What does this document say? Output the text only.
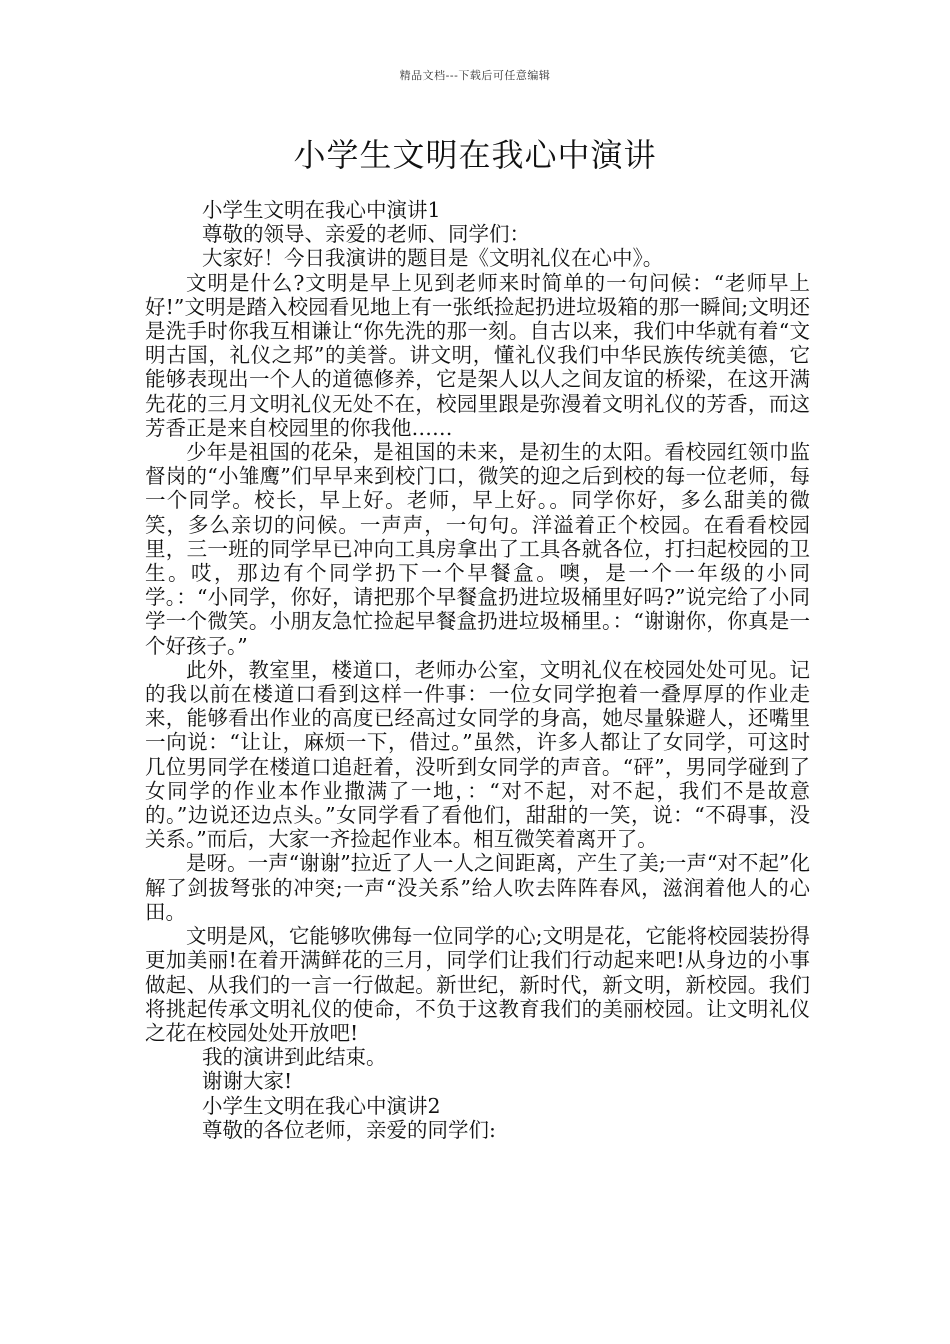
精品文档---下载后可任意编辑
小学生文明在我心中演讲

小学生文明在我心中演讲1

尊敬的领导、亲爱的老师、同学们：

大家好！今日我演讲的题目是《文明礼仪在心中》。

文明是什么?文明是早上见到老师来时简单的一句问候：“老师早上好!”文明是踏入校园看见地上有一张纸捡起扔进垃圾箱的那一瞬间;文明还是洗手时你我互相谦让“你先洗的那一刻。自古以来，我们中华就有着“文明古国，礼仪之邦”的美誉。讲文明，懂礼仪我们中华民族传统美德，它能够表现出一个人的道德修养，它是架人以人之间友谊的桥梁，在这开满先花的三月文明礼仪无处不在，校园里跟是弥漫着文明礼仪的芳香，而这芳香正是来自校园里的你我他……

少年是祖国的花朵，是祖国的未来，是初生的太阳。看校园红领巾监督岗的“小雏鹰”们早早来到校门口，微笑的迎之后到校的每一位老师，每一个同学。校长，早上好。老师，早上好。。同学你好，多么甜美的微笑，多么亲切的问候。一声声，一句句。洋溢着正个校园。在看看校园里，三一班的同学早已冲向工具房拿出了工具各就各位，打扫起校园的卫生。哎，那边有个同学扔下一个早餐盒。噢，是一个一年级的小同学。：“小同学，你好，请把那个早餐盒扔进垃圾桶里好吗?”说完给了小同学一个微笑。小朋友急忙捡起早餐盒扔进垃圾桶里。：“谢谢你，你真是一个好孩子。”

此外，教室里，楼道口，老师办公室，文明礼仪在校园处处可见。记的我以前在楼道口看到这样一件事：一位女同学抱着一叠厚厚的作业走来，能够看出作业的高度已经高过女同学的身高，她尽量躲避人，还嘴里一向说：“让让，麻烦一下，借过。”虽然，许多人都让了女同学，可这时几位男同学在楼道口追赶着，没听到女同学的声音。“砰”，男同学碰到了女同学的作业本作业撒满了一地，：“对不起，对不起，我们不是故意的。”边说还边点头。”女同学看了看他们，甜甜的一笑，说：“不碍事，没关系。”而后，大家一齐捡起作业本。相互微笑着离开了。

是呀。一声“谢谢”拉近了人一人之间距离，产生了美;一声“对不起”化解了剑拔弩张的冲突;一声“没关系”给人吹去阵阵春风，滋润着他人的心田。

文明是风，它能够吹佛每一位同学的心;文明是花，它能将校园装扮得更加美丽!在着开满鲜花的三月，同学们让我们行动起来吧!从身边的小事做起、从我们的一言一行做起。新世纪，新时代，新文明，新校园。我们将挑起传承文明礼仪的使命，不负于这教育我们的美丽校园。让文明礼仪之花在校园处处开放吧!

我的演讲到此结束。

谢谢大家!

小学生文明在我心中演讲2

尊敬的各位老师，亲爱的同学们:
